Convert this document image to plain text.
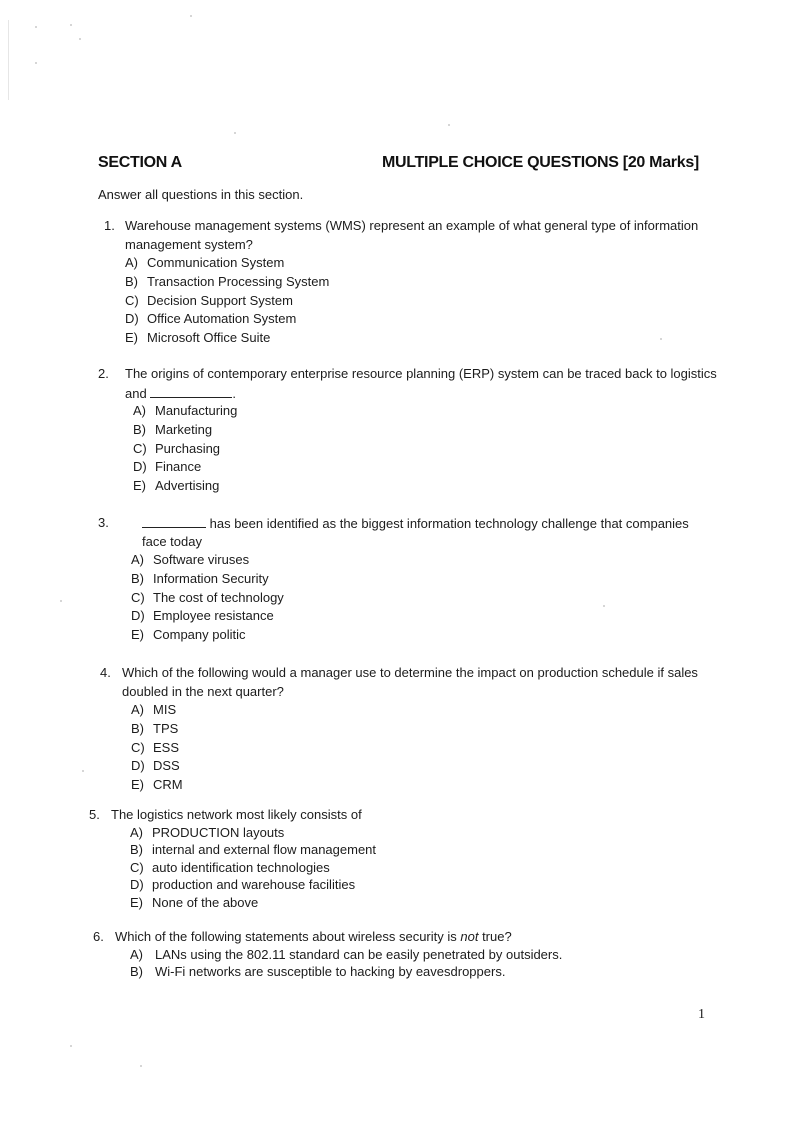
SECTION A	MULTIPLE CHOICE QUESTIONS [20 Marks]
Answer all questions in this section.
1. Warehouse management systems (WMS) represent an example of what general type of information
management system?
A) Communication System
B) Transaction Processing System
C) Decision Support System
D) Office Automation System
E) Microsoft Office Suite
2. The origins of contemporary enterprise resource planning (ERP) system can be traced back to logistics
and	.
A) Manufacturing
B) Marketing
C) Purchasing
D) Finance
E) Advertising
3.	has been identified as the biggest information technology challenge that companies
face today
A) Software viruses
B) Information Security
C) The cost of technology
D) Employee resistance
E) Company politic
4. Which of the following would a manager use to determine the impact on production schedule if sales
doubled in the next quarter?
A) MIS
B) TPS
C) ESS
D) DSS
E) CRM
5. The logistics network most likely consists of
A) PRODUCTION layouts
B) internal and external flow management
C) auto identification technologies
D) production and warehouse facilities
E) None of the above
6. Which of the following statements about wireless security is not true?
A) LANs using the 802.11 standard can be easily penetrated by outsiders.
B) Wi-Fi networks are susceptible to hacking by eavesdroppers.
1
